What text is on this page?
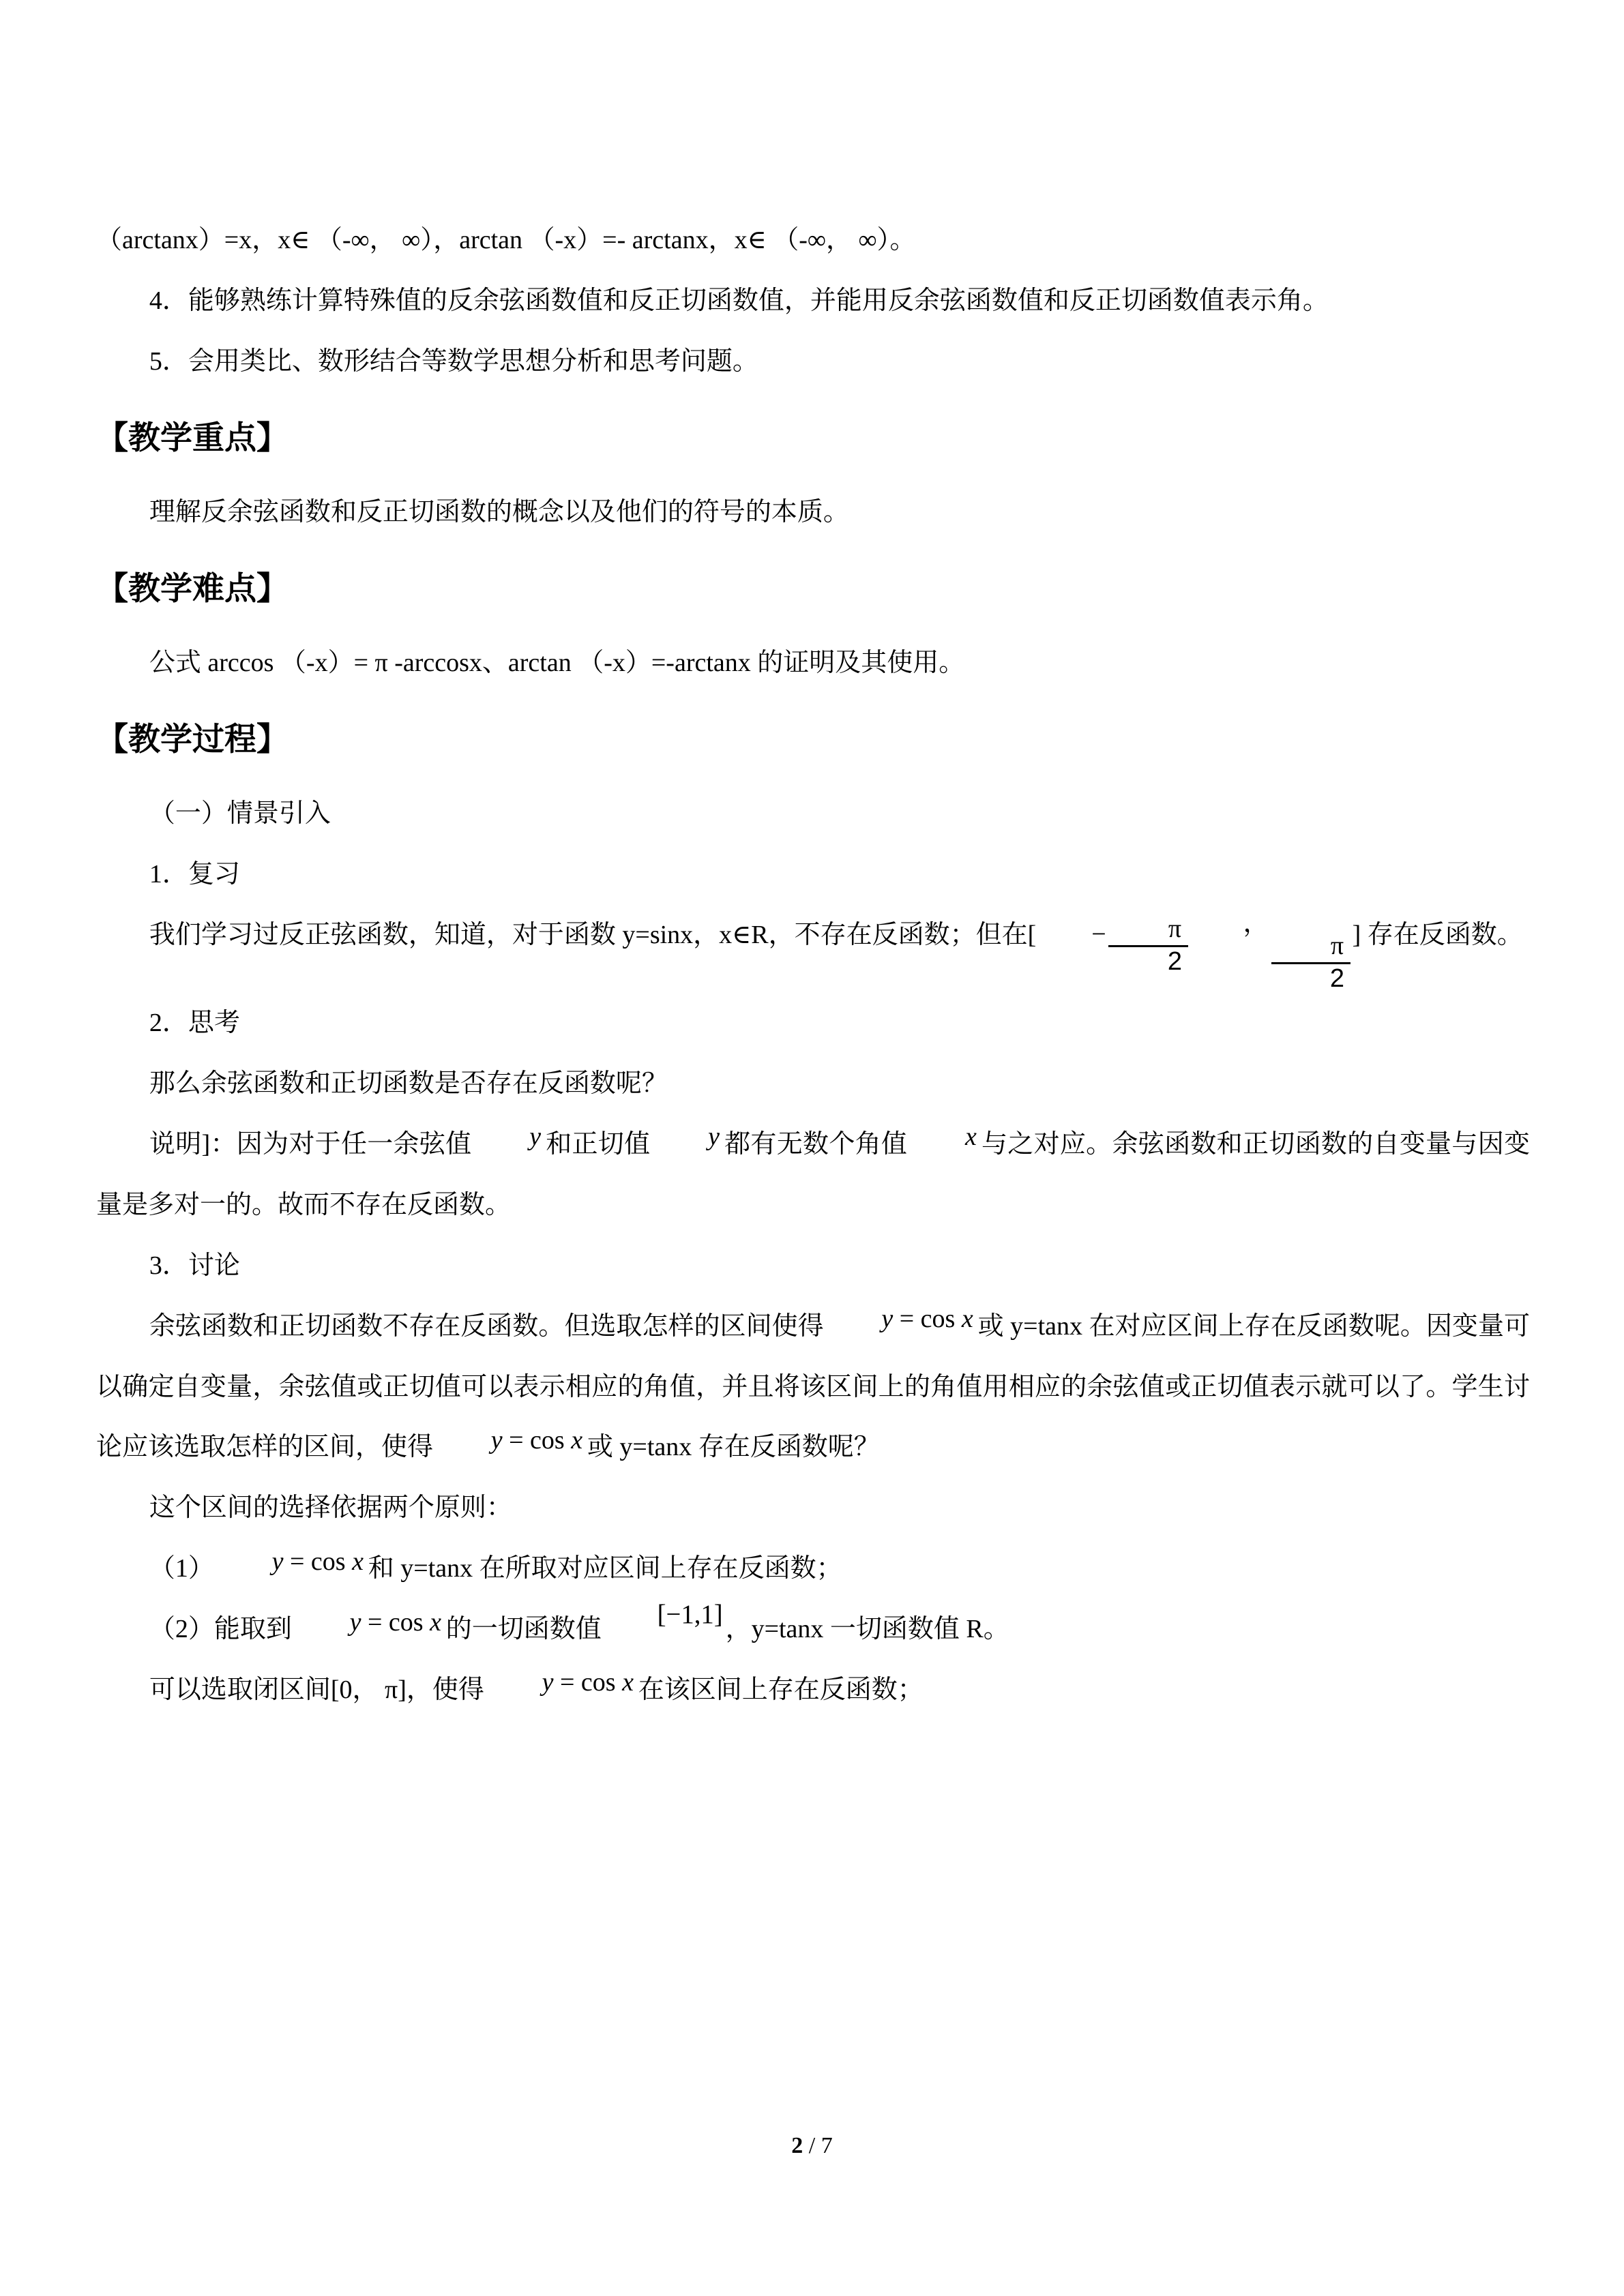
（arctanx）=x，x∈ （-∞， ∞），arctan （-x）=- arctanx，x∈ （-∞， ∞）。
4．能够熟练计算特殊值的反余弦函数值和反正切函数值，并能用反余弦函数值和反正切函数值表示角。
5．会用类比、数形结合等数学思想分析和思考问题。
【教学重点】
理解反余弦函数和反正切函数的概念以及他们的符号的本质。
【教学难点】
公式 arccos （-x）= π -arccosx、arctan （-x）=-arctanx 的证明及其使用。
【教学过程】
（一）情景引入
1．复习
我们学习过反正弦函数，知道，对于函数 y=sinx，x∈R，不存在反函数；但在[	− $\frac{\pi}{2}$ ，
$\frac{\pi}{2}$ ] 存在反函数。
2．思考
那么余弦函数和正切函数是否存在反函数呢？
说明]：因为对于任一余弦值 y 和正切值 y 都有无数个角值 x 与之对应。余弦函数和正切函数的自变量与因变量是多对一的。故而不存在反函数。
3．讨论
余弦函数和正切函数不存在反函数。但选取怎样的区间使得 y = cos x 或 y=tanx 在对应区间上存在反函数呢。因变量可以确定自变量，余弦值或正切值可以表示相应的角值，并且将该区间上的角值用相应的余弦值或正切值表示就可以了。学生讨论应该选取怎样的区间，使得 y = cos x 或 y=tanx 存在反函数呢？
这个区间的选择依据两个原则：
（1） y = cos x 和 y=tanx 在所取对应区间上存在反函数；
（2）能取到 y = cos x 的一切函数值[−1,1]，y=tanx 一切函数值 R。
可以选取闭区间[0， π]，使得 y = cos x 在该区间上存在反函数；
2 / 7
